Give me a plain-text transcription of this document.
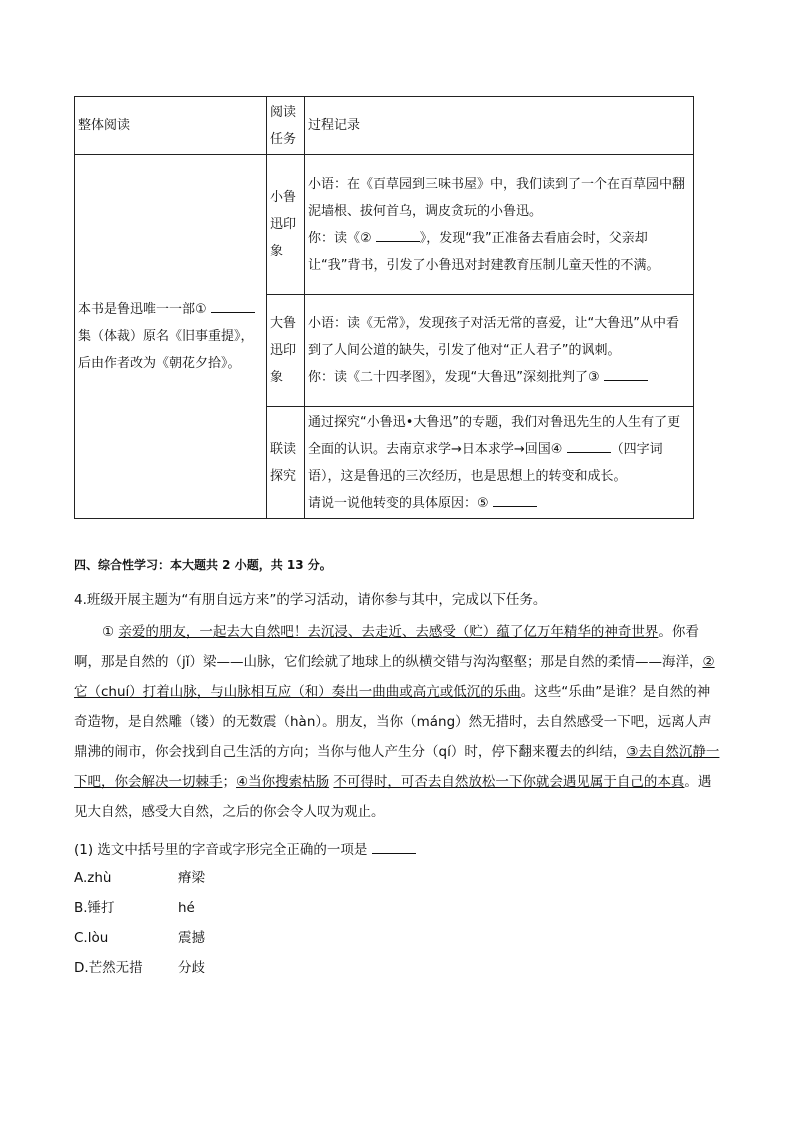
整体阅读	阅读任务	过程记录
本书是鲁迅唯一一部① 集（体裁）原名《旧事重提》，后由作者改为《朝花夕拾》。	小鲁迅印象	小语：在《百草园到三味书屋》中，我们读到了一个在百草园中翻泥墙根、拔何首乌，调皮贪玩的小鲁迅。
你：读《② 》，发现“我”正准备去看庙会时，父亲却让“我”背书，引发了小鲁迅对封建教育压制儿童天性的不满。

	大鲁迅印象	小语：读《无常》，发现孩子对活无常的喜爱，让“大鲁迅”从中看到了人间公道的缺失，引发了他对“正人君子”的讽刺。
你：读《二十四孝图》，发现“大鲁迅”深刻批判了③

	联读探究	通过探究“小鲁迅•大鲁迅”的专题，我们对鲁迅先生的人生有了更全面的认识。去南京求学→日本求学→回国④ （四字词语），这是鲁迅的三次经历，也是思想上的转变和成长。
请说一说他转变的具体原因：⑤
四、综合性学习：本大题共 2 小题，共 13 分。
4.班级开展主题为“有朋自远方来”的学习活动，请你参与其中，完成以下任务。
① 亲爱的朋友，一起去大自然吧！去沉浸、去走近、去感受（贮）蕴了亿万年精华的神奇世界。你看啊，那是自然的（jǐ）梁——山脉，它们绘就了地球上的纵横交错与沟沟壑壑；那是自然的柔情——海洋，②它（chuí）打着山脉，与山脉相互应（和）奏出一曲曲或高亢或低沉的乐曲。这些“乐曲”是谁？是自然的神奇造物，是自然雕（镂）的无数震（hàn）。朋友，当你（máng）然无措时，去自然感受一下吧，远离人声鼎沸的闹市，你会找到自己生活的方向；当你与他人产生分（qí）时，停下翻来覆去的纠结，③去自然沉静一下吧，你会解决一切棘手；④当你搜索枯肠 不可得时，可否去自然放松一下你就会遇见属于自己的本真。遇见大自然，感受大自然，之后的你会令人叹为观止。
(1) 选文中括号里的字音或字形完全正确的一项是
A.zhù	瘠梁
B.锤打	hé
C.lòu	震撼
D.芒然无措	分歧
